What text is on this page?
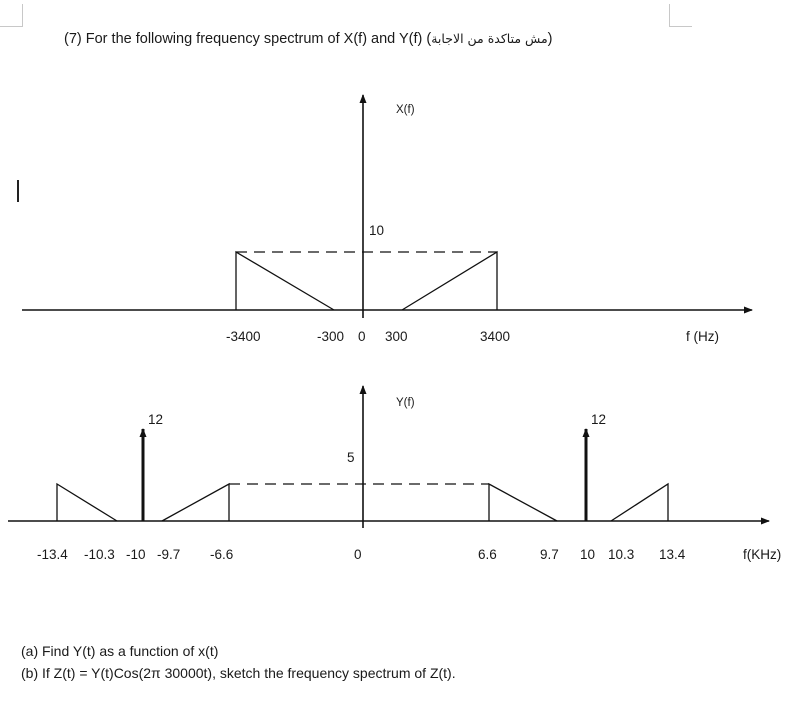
(7) For the following frequency spectrum of X(f) and Y(f) (مش متاكدة من الاجابة)
X(f)
10
-3400	-300 0 300	3400	f (Hz)
Y(f)
5
12	12
-13.4 -10.3 -10 -9.7 -6.6	0	6.6	9.7 10 10.3 13.4	f(KHz)
(a) Find Y(t) as a function of x(t)
(b) If Z(t) = Y(t)Cos(2π 30000t), sketch the frequency spectrum of Z(t).
